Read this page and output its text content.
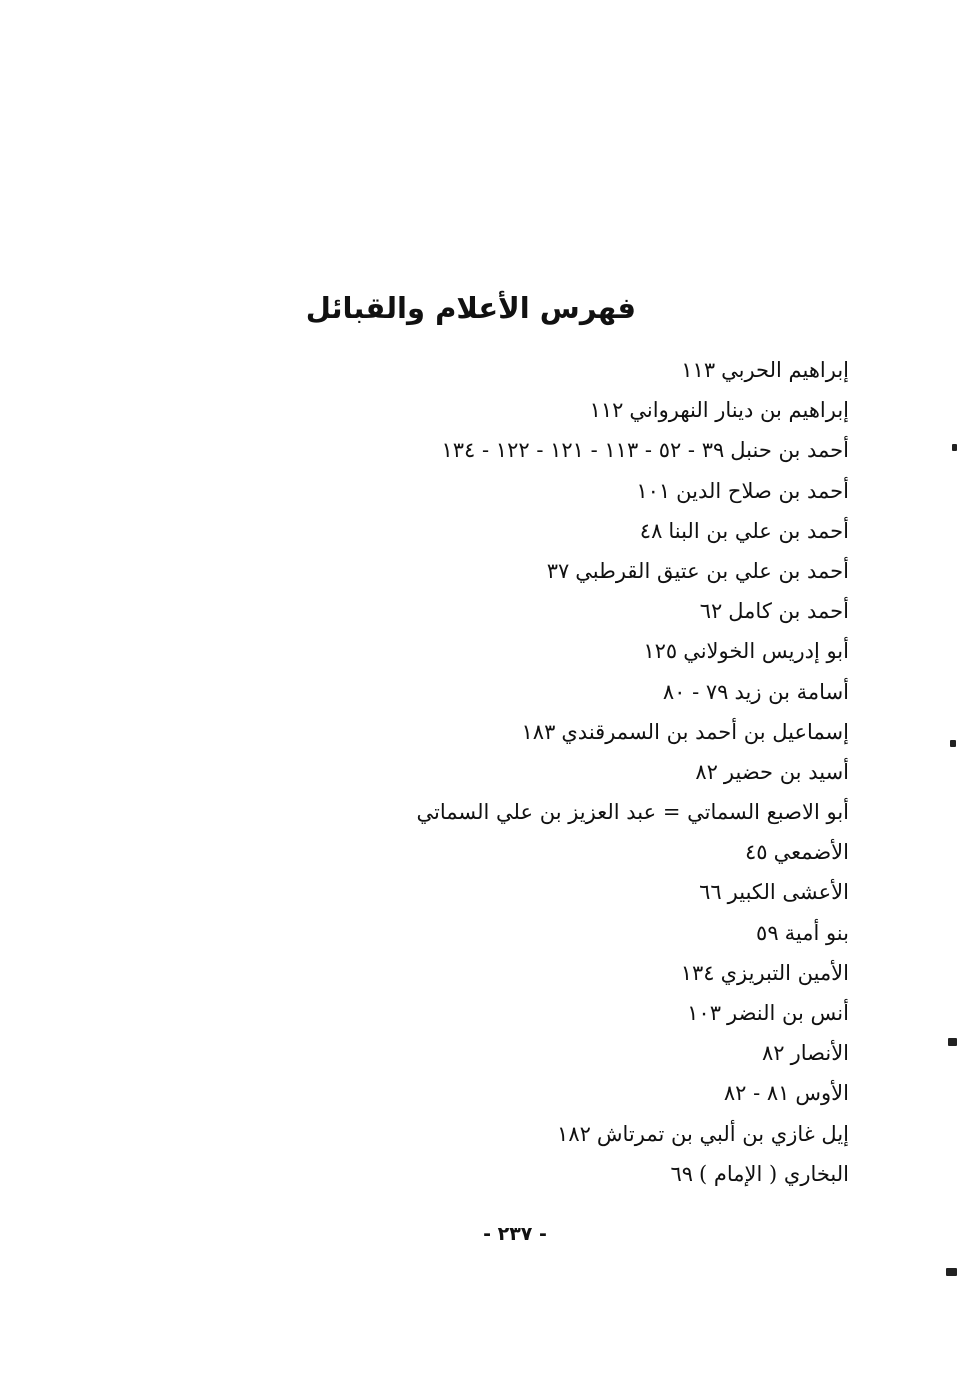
فهرس الأعلام والقبائل
إبراهيم الحربي١١٣
إبراهيم بن دينار النهرواني١١٢
أحمد بن حنبل٣٩ - ٥٢ - ١١٣ - ١٢١ - ١٢٢ - ١٣٤
أحمد بن صلاح الدين١٠١
أحمد بن علي بن البنا٤٨
أحمد بن علي بن عتيق القرطبي٣٧
أحمد بن كامل٦٢
أبو إدريس الخولاني١٢٥
أسامة بن زيد٧٩ - ٨٠
إسماعيل بن أحمد بن السمرقندي١٨٣
أسيد بن حضير٨٢
أبو الاصبع السماتي = عبد العزيز بن علي السماتي
الأضمعي٤٥
الأعشى الكبير٦٦
بنو أمية٥٩
الأمين التبريزي١٣٤
أنس بن النضر١٠٣
الأنصار٨٢
الأوس٨١ - ٨٢
إيل غازي بن ألبي بن تمرتاش١٨٢
البخاري ( الإمام )٦٩
- ٢٣٧ -
